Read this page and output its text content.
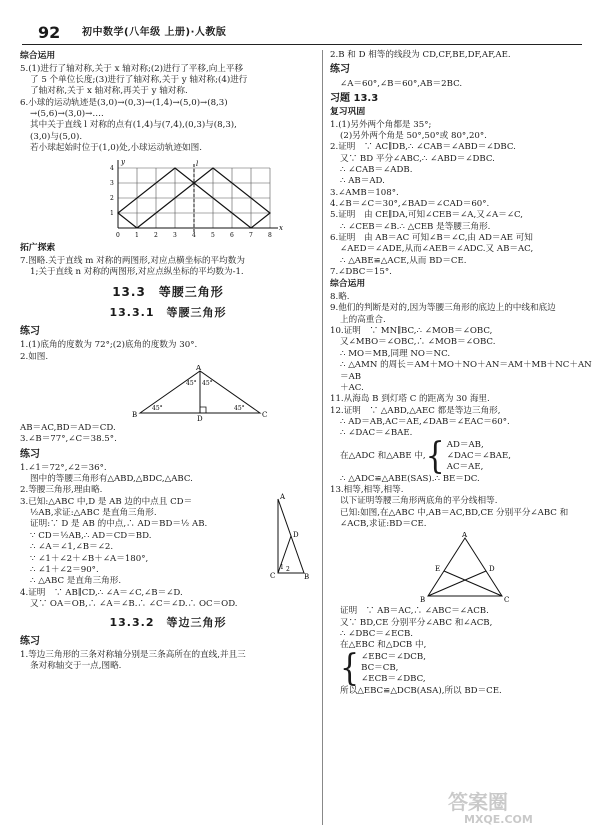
92 初中数学(八年级 上册)·人教版

综合运用

5.(1)进行了轴对称,关于 x 轴对称;(2)进行了平移,向上平移

了 5 个单位长度;(3)进行了轴对称,关于 y 轴对称;(4)进行

了轴对称,关于 x 轴对称,再关于 y 轴对称.

6.小球的运动轨迹是(3,0)→(0,3)→(1,4)→(5,0)→(8,3)

→(5,6)→(3,0)→….

其中关于直线 l 对称的点有(1,4)与(7,4),(0,3)与(8,3),

(3,0)与(5,0).

若小球起始时位于(1,0)处,小球运动轨迹如图.

0	1	2	3	4	5	6	7	8
1
2
3
4
x
y	l

拓广探索

7.图略.关于直线 m 对称的两图形,对应点横坐标的平均数为

1;关于直线 n 对称的两图形,对应点纵坐标的平均数为-1.

13.3　等腰三角形

13.3.1　等腰三角形

练习

1.(1)底角的度数为 72°;(2)底角的度数为 30°.

2.如图.

A
B	C
D
45° 45°
45°	45°

AB＝AC,BD＝AD＝CD.

3.∠B＝77°,∠C＝38.5°.

练习

1.∠1＝72°,∠2＝36°.

图中的等腰三角形有△ABD,△BDC,△ABC.

2.等腰三角形,理由略.

3.已知:△ABC 中,D 是 AB 边的中点且 CD＝

½AB,求证:△ABC 是直角三角形.

证明:∵ D 是 AB 的中点,∴ AD＝BD＝½ AB.

∵ CD＝½AB,∴ AD＝CD＝BD.

∴ ∠A＝∠1,∠B＝∠2.

∵ ∠1＋∠2＋∠B＋∠A＝180°,

∴ ∠1＋∠2＝90°.

∴ △ABC 是直角三角形.

A
C	B
D
1 2

4.证明　∵ AB∥CD,∴ ∠A＝∠C,∠B＝∠D.

又∵ OA＝OB,∴ ∠A＝∠B.∴ ∠C＝∠D.∴ OC＝OD.

13.3.2　等边三角形

练习

1.等边三角形的三条对称轴分别是三条高所在的直线,并且三

条对称轴交于一点,图略.

2.B 和 D 相等的线段为 CD,CF,BE,DF,AF,AE.

练习

∠A＝60°,∠B＝60°,AB＝2BC.

习题 13.3

复习巩固

1.(1)另外两个角都是 35°;

(2)另外两个角是 50°,50°或 80°,20°.

2.证明　∵ AC∥DB,∴ ∠CAB＝∠ABD＝∠DBC.

又∵ BD 平分∠ABC,∴ ∠ABD＝∠DBC.

∴ ∠CAB＝∠ADB.

∴ AB＝AD.

3.∠AMB＝108°.

4.∠B＝∠C＝30°,∠BAD＝∠CAD＝60°.

5.证明　由 CE∥DA,可知∠CEB＝∠A,又∠A＝∠C,

∴ ∠CEB＝∠B.∴ △CEB 是等腰三角形.

6.证明　由 AB＝AC 可知∠B＝∠C,由 AD＝AE 可知

∠AED＝∠ADE,从而∠AEB＝∠ADC.又 AB＝AC,

∴ △ABE≌△ACE,从而 BD＝CE.

7.∠DBC＝15°.

综合运用

8.略.

9.他们的判断是对的,因为等腰三角形的底边上的中线和底边

上的高重合.

10.证明　∵ MN∥BC,∴ ∠MOB＝∠OBC,

又∠MBO＝∠OBC,∴ ∠MOB＝∠OBC.

∴ MO＝MB,同理 NO＝NC.

∴ △AMN 的周长＝AM＋MO＋NO＋AN＝AM＋MB＋NC＋AN＝AB

＋AC.

11.从海岛 B 到灯塔 C 的距离为 30 海里.

12.证明　∵ △ABD,△AEC 都是等边三角形,

∴ AD＝AB,AC＝AE,∠DAB＝∠EAC＝60°.

∴ ∠DAC＝∠BAE.

在△ADC 和△ABE 中, { AD＝AB,

∠DAC＝∠BAE,

AC＝AE,

∴ △ADC≌△ABE(SAS).∴ BE＝DC.

13.相等,相等,相等.

以下证明等腰三角形两底角的平分线相等.

已知:如图,在△ABC 中,AB＝AC,BD,CE 分别平分∠ABC 和

∠ACB,求证:BD＝CE.

A
B	C
E	D

证明　∵ AB＝AC,∴ ∠ABC＝∠ACB.

又∵ BD,CE 分别平分∠ABC 和∠ACB,

∴ ∠DBC＝∠ECB.

在△EBC 和△DCB 中,

{ ∠EBC＝∠DCB,

BC＝CB,

∠ECB＝∠DBC,

所以△EBC≌△DCB(ASA),所以 BD＝CE.

答案圈
MXQE.COM
